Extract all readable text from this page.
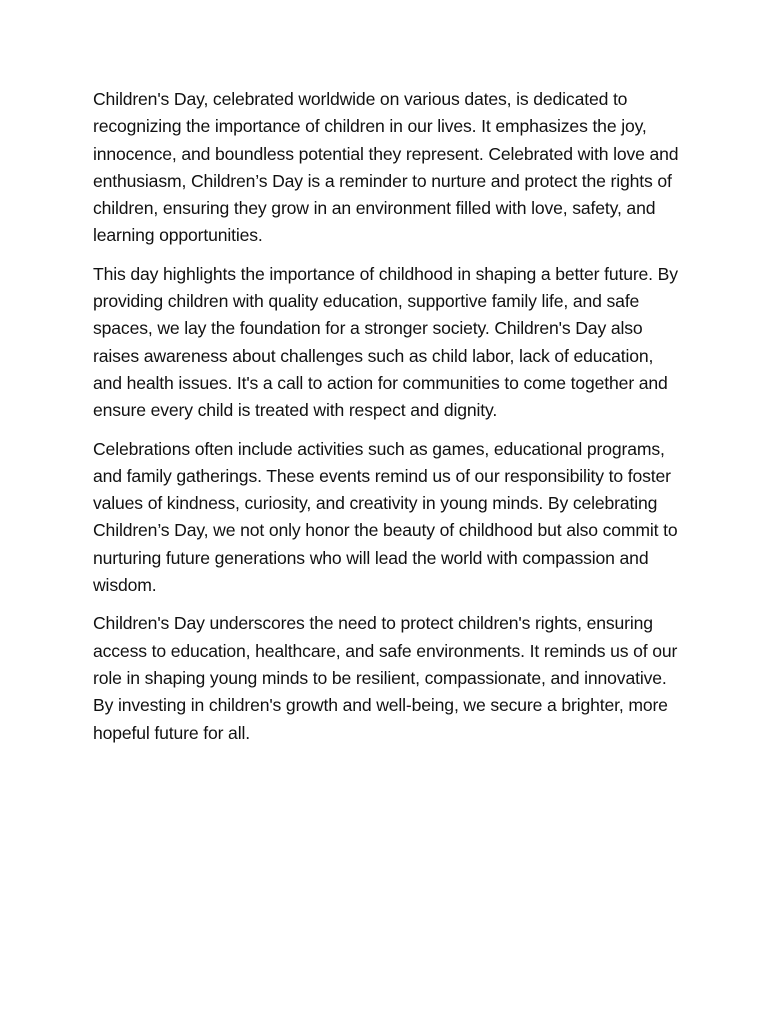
Children's Day, celebrated worldwide on various dates, is dedicated to recognizing the importance of children in our lives. It emphasizes the joy, innocence, and boundless potential they represent. Celebrated with love and enthusiasm, Children’s Day is a reminder to nurture and protect the rights of children, ensuring they grow in an environment filled with love, safety, and learning opportunities.

This day highlights the importance of childhood in shaping a better future. By providing children with quality education, supportive family life, and safe spaces, we lay the foundation for a stronger society. Children's Day also raises awareness about challenges such as child labor, lack of education, and health issues. It's a call to action for communities to come together and ensure every child is treated with respect and dignity.

Celebrations often include activities such as games, educational programs, and family gatherings. These events remind us of our responsibility to foster values of kindness, curiosity, and creativity in young minds. By celebrating Children’s Day, we not only honor the beauty of childhood but also commit to nurturing future generations who will lead the world with compassion and wisdom.

Children's Day underscores the need to protect children's rights, ensuring access to education, healthcare, and safe environments. It reminds us of our role in shaping young minds to be resilient, compassionate, and innovative. By investing in children's growth and well-being, we secure a brighter, more hopeful future for all.
